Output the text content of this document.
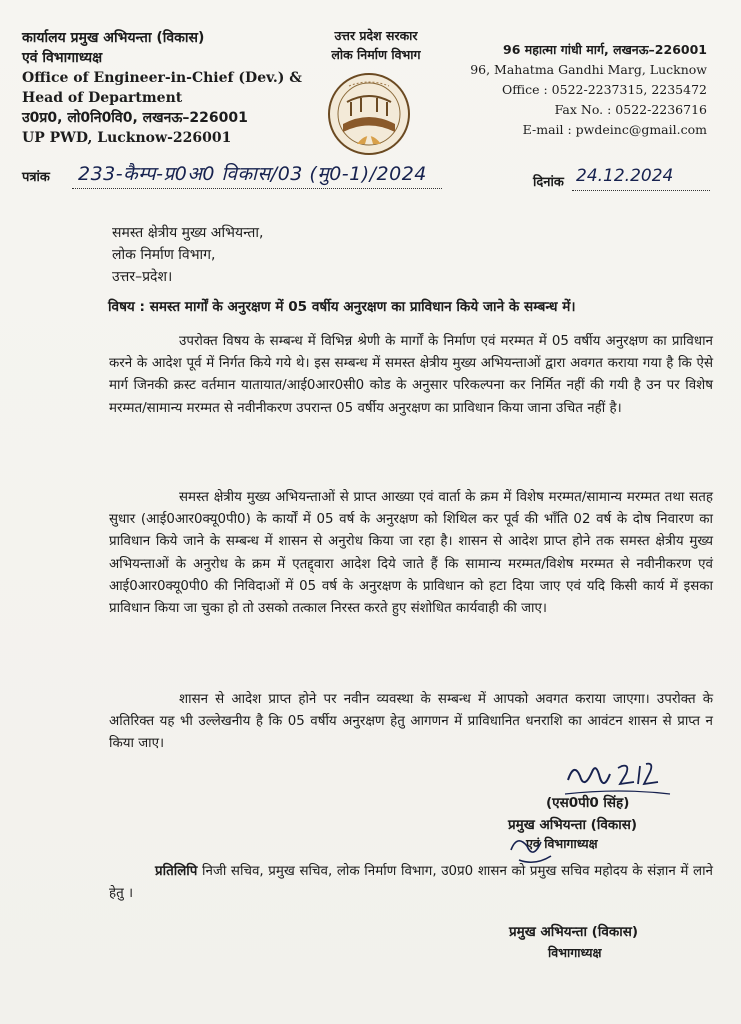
कार्यालय प्रमुख अभियन्ता (विकास)
एवं विभागाध्यक्ष
Office of Engineer-in-Chief (Dev.) &
Head of Department
उ0प्र0, लो0नि0वि0, लखनऊ–226001
UP PWD, Lucknow-226001
उत्तर प्रदेश सरकार
लोक निर्माण विभाग	96 महात्मा गांधी मार्ग, लखनऊ–226001
96, Mahatma Gandhi Marg, Lucknow
Office : 0522-2237315, 2235472
Fax No. : 0522-2236716
E-mail : pwdeinc@gmail.com
पत्रांक 233-कैम्प-प्र0अ0 विकास/03 (मु0-1)/2024	दिनांक 24.12.2024
समस्त क्षेत्रीय मुख्य अभियन्ता,
लोक निर्माण विभाग,
उत्तर–प्रदेश।
विषय : समस्त मार्गों के अनुरक्षण में 05 वर्षीय अनुरक्षण का प्राविधान किये जाने के सम्बन्ध में।
उपरोक्त विषय के सम्बन्ध में विभिन्न श्रेणी के मार्गों के निर्माण एवं मरम्मत में 05 वर्षीय अनुरक्षण का प्राविधान करने के आदेश पूर्व में निर्गत किये गये थे। इस सम्बन्ध में समस्त क्षेत्रीय मुख्य अभियन्ताओं द्वारा अवगत कराया गया है कि ऐसे मार्ग जिनकी क्रस्ट वर्तमान यातायात/आई0आर0सी0 कोड के अनुसार परिकल्पना कर निर्मित नहीं की गयी है उन पर विशेष मरम्मत/सामान्य मरम्मत से नवीनीकरण उपरान्त 05 वर्षीय अनुरक्षण का प्राविधान किया जाना उचित नहीं है।
समस्त क्षेत्रीय मुख्य अभियन्ताओं से प्राप्त आख्या एवं वार्ता के क्रम में विशेष मरम्मत/सामान्य मरम्मत तथा सतह सुधार (आई0आर0क्यू0पी0) के कार्यों में 05 वर्ष के अनुरक्षण को शिथिल कर पूर्व की भाँति 02 वर्ष के दोष निवारण का प्राविधान किये जाने के सम्बन्ध में शासन से अनुरोध किया जा रहा है। शासन से आदेश प्राप्त होने तक समस्त क्षेत्रीय मुख्य अभियन्ताओं के अनुरोध के क्रम में एतद्द्वारा आदेश दिये जाते हैं कि सामान्य मरम्मत/विशेष मरम्मत से नवीनीकरण एवं आई0आर0क्यू0पी0 की निविदाओं में 05 वर्ष के अनुरक्षण के प्राविधान को हटा दिया जाए एवं यदि किसी कार्य में इसका प्राविधान किया जा चुका हो तो उसको तत्काल निरस्त करते हुए संशोधित कार्यवाही की जाए।
शासन से आदेश प्राप्त होने पर नवीन व्यवस्था के सम्बन्ध में आपको अवगत कराया जाएगा। उपरोक्त के अतिरिक्त यह भी उल्लेखनीय है कि 05 वर्षीय अनुरक्षण हेतु आगणन में प्राविधानित धनराशि का आवंटन शासन से प्राप्त न किया जाए।
(एस0पी0 सिंह)
प्रमुख अभियन्ता (विकास)
एवं विभागाध्यक्ष
प्रतिलिपि निजी सचिव, प्रमुख सचिव, लोक निर्माण विभाग, उ0प्र0 शासन को प्रमुख सचिव महोदय के संज्ञान में लाने हेतु ।
प्रमुख अभियन्ता (विकास)
विभागाध्यक्ष
